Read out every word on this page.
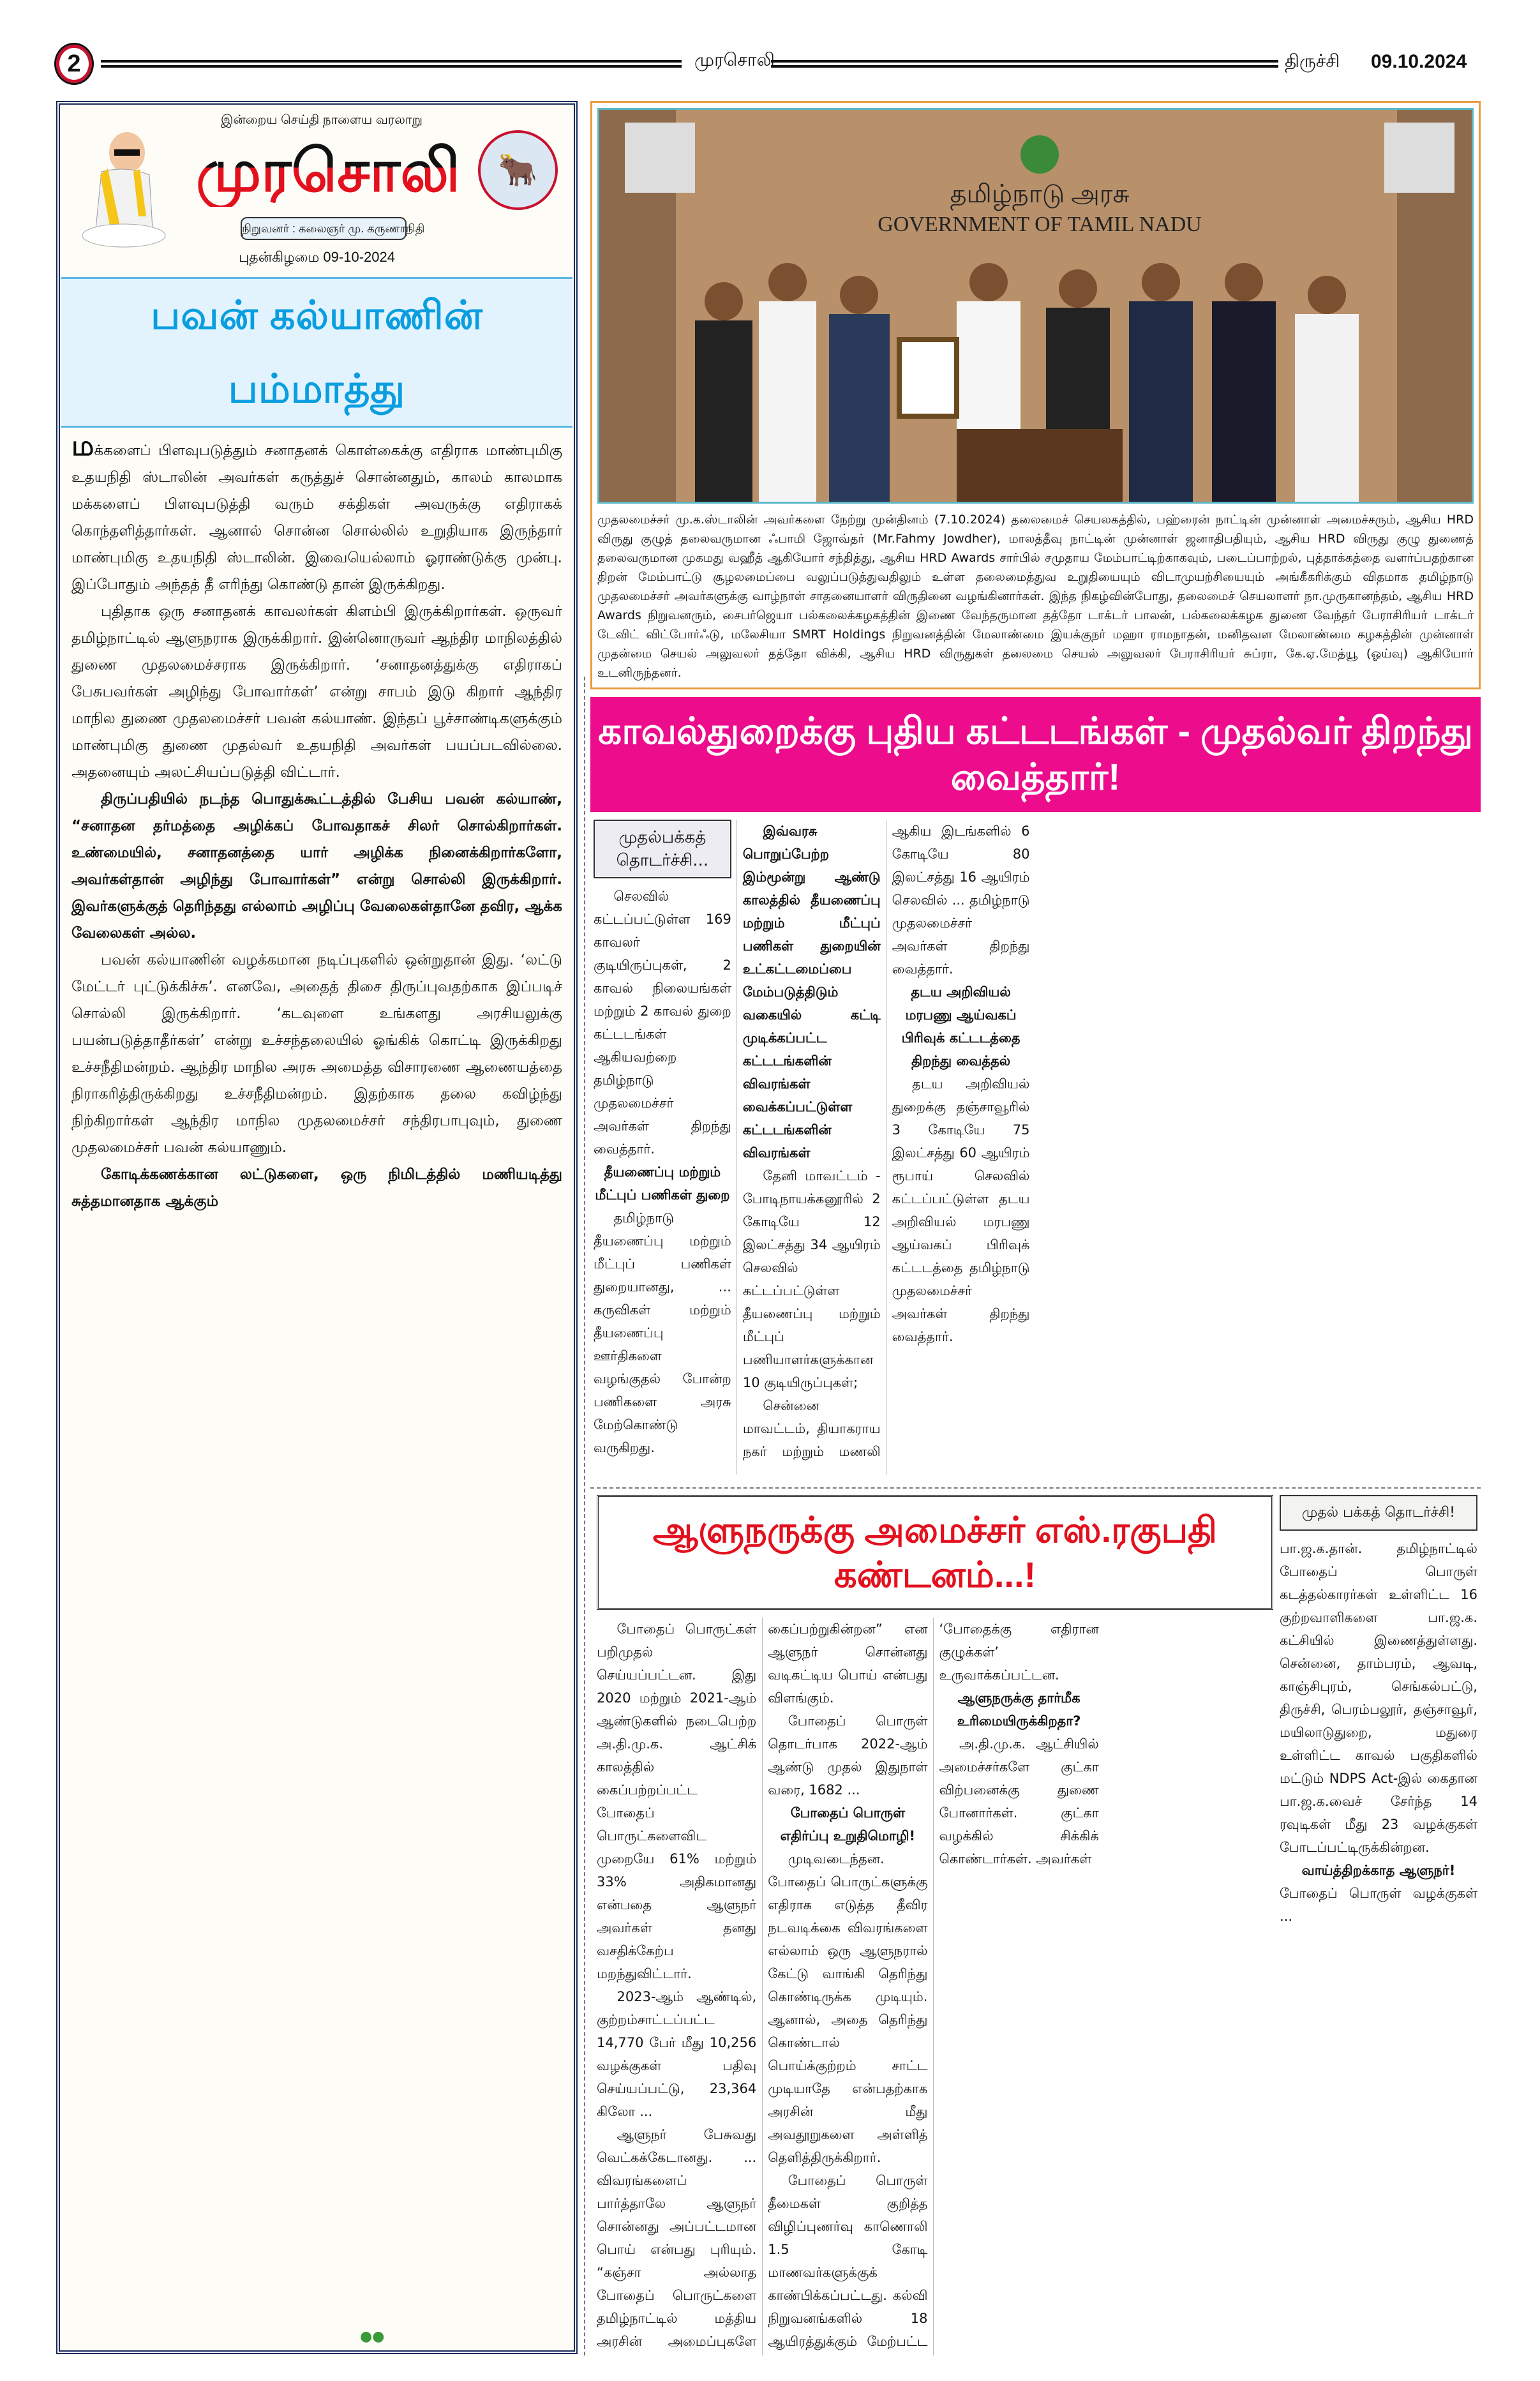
2	முரசொலி	திருச்சி 09.10.2024
முரசொலி
இன்றைய செய்தி நாளைய வரலாறு
நிறுவனர் : கலைஞர் மு. கருணாநிதி
🐂
புதன்கிழமை 09-10-2024
பவன் கல்யாணின் பம்மாத்து

மக்களைப் பிளவுபடுத்தும் சனாதனக் கொள்கைக்கு எதிராக மாண்புமிகு உதயநிதி ஸ்டாலின் அவர்கள் கருத்துச் சொன்னதும், காலம் காலமாக மக்களைப் பிளவுபடுத்தி வரும் சக்திகள் அவருக்கு எதிராகக் கொந்தளித்தார்கள். ஆனால் சொன்ன சொல்லில் உறுதியாக இருந்தார் மாண்புமிகு உதயநிதி ஸ்டாலின். இவையெல்லாம் ஓராண்டுக்கு முன்பு. இப்போதும் அந்தத் தீ எரிந்து கொண்டு தான் இருக்கிறது.

புதிதாக ஒரு சனாதனக் காவலர்கள் கிளம்பி இருக்கிறார்கள். ஒருவர் தமிழ்நாட்டில் ஆளுநராக இருக்கிறார். இன்னொருவர் ஆந்திர மாநிலத்தில் துணை முதலமைச்சராக இருக்கிறார். ‘சனாதனத்துக்கு எதிராகப் பேசுபவர்கள் அழிந்து போவார்கள்’ என்று சாபம் இடு கிறார் ஆந்திர மாநில துணை முதலமைச்சர் பவன் கல்யாண். இந்தப் பூச்சாண்டிகளுக்கும் மாண்புமிகு துணை முதல்வர் உதயநிதி அவர்கள் பயப்படவில்லை. அதனையும் அலட்சியப்படுத்தி விட்டார்.

திருப்பதியில் நடந்த பொதுக்கூட்டத்தில் பேசிய பவன் கல்யாண், “சனாதன தர்மத்தை அழிக்கப் போவதாகச் சிலர் சொல்கிறார்கள். உண்மையில், சனாதனத்தை யார் அழிக்க நினைக்கிறார்களோ, அவர்கள்தான் அழிந்து போவார்கள்” என்று சொல்லி இருக்கிறார். இவர்களுக்குத் தெரிந்தது எல்லாம் அழிப்பு வேலைகள்தானே தவிர, ஆக்க வேலைகள் அல்ல.

பவன் கல்யாணின் வழக்கமான நடிப்புகளில் ஒன்றுதான் இது. ‘லட்டு மேட்டர் புட்டுக்கிச்சு’. எனவே, அதைத் திசை திருப்புவதற்காக இப்படிச் சொல்லி இருக்கிறார். ‘கடவுளை உங்களது அரசியலுக்கு பயன்படுத்தாதீர்கள்’ என்று உச்சந்தலையில் ஓங்கிக் கொட்டி இருக்கிறது உச்சநீதிமன்றம். ஆந்திர மாநில அரசு அமைத்த விசாரணை ஆணையத்தை நிராகரித்திருக்கிறது உச்சநீதிமன்றம். இதற்காக தலை கவிழ்ந்து நிற்கிறார்கள் ஆந்திர மாநில முதலமைச்சர் சந்திரபாபுவும், துணை முதலமைச்சர் பவன் கல்யாணும்.

கோடிக்கணக்கான லட்டுகளை, ஒரு நிமிடத்தில் மணியடித்து சுத்தமானதாக ஆக்கும்

●●
தமிழ்நாடு அரசு
GOVERNMENT OF TAMIL NADU
முதலமைச்சர் மு.க.ஸ்டாலின் அவர்களை நேற்று முன்தினம் (7.10.2024) தலைமைச் செயலகத்தில், பஹ்ரைன் நாட்டின் முன்னாள் அமைச்சரும், ஆசிய HRD விருது குழுத் தலைவருமான ஃபாமி ஜோவ்தர் (Mr.Fahmy Jowdher), மாலத்தீவு நாட்டின் முன்னாள் ஜனாதிபதியும், ஆசிய HRD விருது குழு துணைத் தலைவருமான முகமது வஹீத் ஆகியோர் சந்தித்து, ஆசிய HRD Awards சார்பில் சமுதாய மேம்பாட்டிற்காகவும், படைப்பாற்றல், புத்தாக்கத்தை வளர்ப்பதற்கான திறன் மேம்பாட்டு சூழலமைப்பை வலுப்படுத்துவதிலும் உள்ள தலைமைத்துவ உறுதியையும் விடாமுயற்சியையும் அங்கீகரிக்கும் விதமாக தமிழ்நாடு முதலமைச்சர் அவர்களுக்கு வாழ்நாள் சாதனையாளர் விருதினை வழங்கினார்கள். இந்த நிகழ்வின்போது, தலைமைச் செயலாளர் நா.முருகானந்தம், ஆசிய HRD Awards நிறுவனரும், சைபர்ஜெயா பல்கலைக்கழகத்தின் இணை வேந்தருமான தத்தோ டாக்டர் பாலன், பல்கலைக்கழக துணை வேந்தர் பேராசிரியர் டாக்டர் டேவிட் விட்போர்ஃடு, மலேசியா SMRT Holdings நிறுவனத்தின் மேலாண்மை இயக்குநர் மஹா ராமநாதன், மனிதவள மேலாண்மை கழகத்தின் முன்னாள் முதன்மை செயல் அலுவலர் தத்தோ விக்கி, ஆசிய HRD விருதுகள் தலைமை செயல் அலுவலர் பேராசிரியர் சுப்ரா, கே.ஏ.மேத்யூ (ஓய்வு) ஆகியோர் உடனிருந்தனர்.
காவல்துறைக்கு புதிய கட்டடங்கள் - முதல்வர் திறந்து வைத்தார்!
முதல்பக்கத் தொடர்ச்சி...

செலவில் கட்டப்பட்டுள்ள 169 காவலர் குடியிருப்புகள், 2 காவல் நிலையங்கள் மற்றும் 2 காவல் துறை கட்டடங்கள் ஆகியவற்றை தமிழ்நாடு முதலமைச்சர் அவர்கள் திறந்து வைத்தார்.

தீயணைப்பு மற்றும் மீட்புப் பணிகள் துறை

தமிழ்நாடு தீயணைப்பு மற்றும் மீட்புப் பணிகள் துறையானது, ... கருவிகள் மற்றும் தீயணைப்பு ஊர்திகளை வழங்குதல் போன்ற பணிகளை அரசு மேற்கொண்டு வருகிறது.

இவ்வரசு பொறுப்பேற்ற இம்மூன்று ஆண்டு காலத்தில் தீயணைப்பு மற்றும் மீட்புப் பணிகள் துறையின் உட்கட்டமைப்பை மேம்படுத்திடும் வகையில் கட்டி முடிக்கப்பட்ட கட்டடங்களின் விவரங்கள்

வைக்கப்பட்டுள்ள கட்டடங்களின் விவரங்கள்

தேனி மாவட்டம் - போடிநாயக்கனூரில் 2 கோடியே 12 இலட்சத்து 34 ஆயிரம் செலவில் கட்டப்பட்டுள்ள தீயணைப்பு மற்றும் மீட்புப் பணியாளர்களுக்கான 10 குடியிருப்புகள்;

சென்னை மாவட்டம், தியாகராய நகர் மற்றும் மணலி ஆகிய இடங்களில் 6 கோடியே 80 இலட்சத்து 16 ஆயிரம் செலவில் ... தமிழ்நாடு முதலமைச்சர் அவர்கள் திறந்து வைத்தார்.

தடய அறிவியல் மரபணு ஆய்வகப் பிரிவுக் கட்டடத்தை திறந்து வைத்தல்

தடய அறிவியல் துறைக்கு தஞ்சாவூரில் 3 கோடியே 75 இலட்சத்து 60 ஆயிரம் ரூபாய் செலவில் கட்டப்பட்டுள்ள தடய அறிவியல் மரபணு ஆய்வகப் பிரிவுக் கட்டடத்தை தமிழ்நாடு முதலமைச்சர் அவர்கள் திறந்து வைத்தார்.

ஆளுநருக்கு அமைச்சர் எஸ்.ரகுபதி கண்டனம்...!

போதைப் பொருட்கள் பறிமுதல் செய்யப்பட்டன. இது 2020 மற்றும் 2021-ஆம் ஆண்டுகளில் நடைபெற்ற அ.தி.மு.க. ஆட்சிக் காலத்தில் கைப்பற்றப்பட்ட போதைப் பொருட்களைவிட முறையே 61% மற்றும் 33% அதிகமானது என்பதை ஆளுநர் அவர்கள் தனது வசதிக்கேற்ப மறந்துவிட்டார்.

2023-ஆம் ஆண்டில், குற்றம்சாட்டப்பட்ட 14,770 பேர் மீது 10,256 வழக்குகள் பதிவு செய்யப்பட்டு, 23,364 கிலோ ...

ஆளுநர் பேசுவது வெட்கக்கேடானது. ... விவரங்களைப் பார்த்தாலே ஆளுநர் சொன்னது அப்பட்டமான பொய் என்பது புரியும். “கஞ்சா அல்லாத போதைப் பொருட்களை தமிழ்நாட்டில் மத்திய அரசின் அமைப்புகளே கைப்பற்றுகின்றன” என ஆளுநர் சொன்னது வடிகட்டிய பொய் என்பது விளங்கும்.

போதைப் பொருள் தொடர்பாக 2022-ஆம் ஆண்டு முதல் இதுநாள் வரை, 1682 ...

போதைப் பொருள் எதிர்ப்பு உறுதிமொழி!

முடிவடைந்தன. போதைப் பொருட்களுக்கு எதிராக எடுத்த தீவிர நடவடிக்கை விவரங்களை எல்லாம் ஒரு ஆளுநரால் கேட்டு வாங்கி தெரிந்து கொண்டிருக்க முடியும். ஆனால், அதை தெரிந்து கொண்டால் பொய்க்குற்றம் சாட்ட முடியாதே என்பதற்காக அரசின் மீது அவதூறுகளை அள்ளித் தெளித்திருக்கிறார்.

போதைப் பொருள் தீமைகள் குறித்த விழிப்புணர்வு காணொலி 1.5 கோடி மாணவர்களுக்குக் காண்பிக்கப்பட்டது. கல்வி நிறுவனங்களில் 18 ஆயிரத்துக்கும் மேற்பட்ட ‘போதைக்கு எதிரான குழுக்கள்’ உருவாக்கப்பட்டன.

ஆளுநருக்கு தார்மீக உரிமையிருக்கிறதா?

அ.தி.மு.க. ஆட்சியில் அமைச்சர்களே குட்கா விற்பனைக்கு துணை போனார்கள். குட்கா வழக்கில் சிக்கிக் கொண்டார்கள். அவர்கள்

முதல் பக்கத் தொடர்ச்சி!

பா.ஜ.க.தான். தமிழ்நாட்டில் போதைப் பொருள் கடத்தல்காரர்கள் உள்ளிட்ட 16 குற்றவாளிகளை பா.ஜ.க. கட்சியில் இணைத்துள்ளது. சென்னை, தாம்பரம், ஆவடி, காஞ்சிபுரம், செங்கல்பட்டு, திருச்சி, பெரம்பலூர், தஞ்சாவூர், மயிலாடுதுறை, மதுரை உள்ளிட்ட காவல் பகுதிகளில் மட்டும் NDPS Act-இல் கைதான பா.ஜ.க.வைச் சேர்ந்த 14 ரவுடிகள் மீது 23 வழக்குகள் போடப்பட்டிருக்கின்றன.

வாய்த்திறக்காத ஆளுநர்!

போதைப் பொருள் வழக்குகள் ...
